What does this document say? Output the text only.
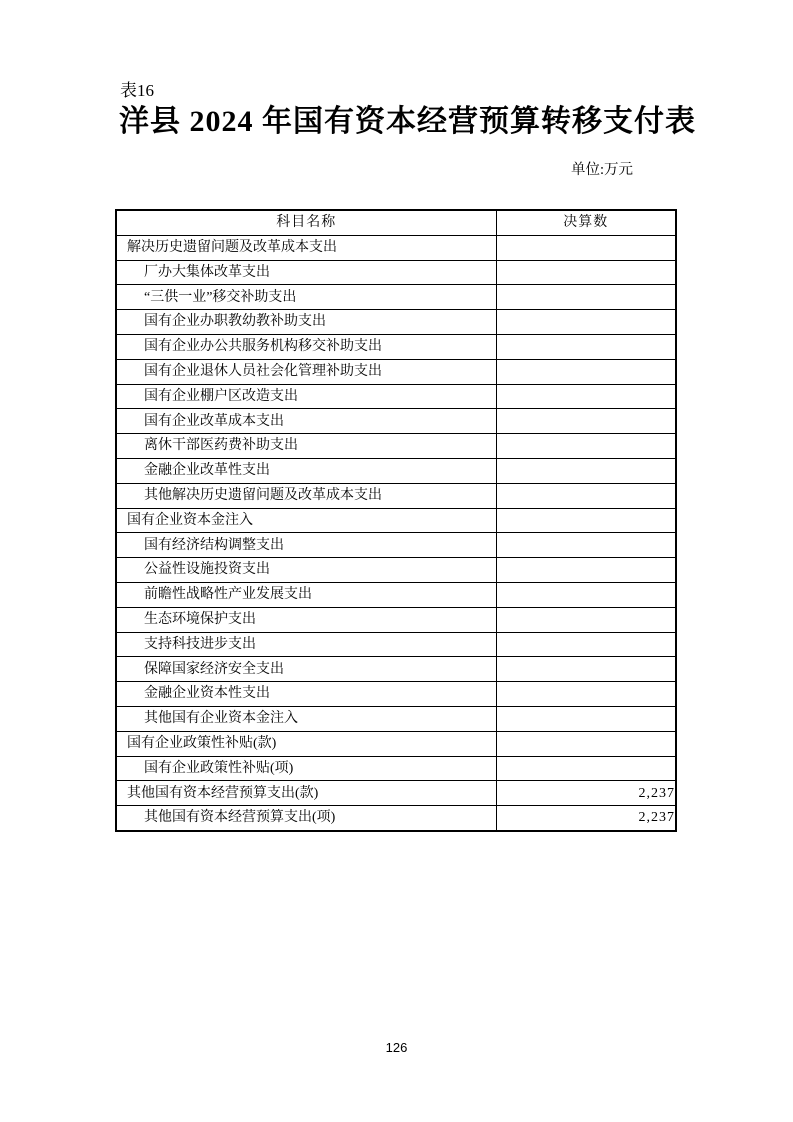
表16
洋县 2024 年国有资本经营预算转移支付表
单位:万元
科目名称	决算数
解决历史遗留问题及改革成本支出	
厂办大集体改革支出	
“三供一业”移交补助支出	
国有企业办职教幼教补助支出	
国有企业办公共服务机构移交补助支出	
国有企业退休人员社会化管理补助支出	
国有企业棚户区改造支出	
国有企业改革成本支出	
离休干部医药费补助支出	
金融企业改革性支出	
其他解决历史遗留问题及改革成本支出	
国有企业资本金注入	
国有经济结构调整支出	
公益性设施投资支出	
前瞻性战略性产业发展支出	
生态环境保护支出	
支持科技进步支出	
保障国家经济安全支出	
金融企业资本性支出	
其他国有企业资本金注入	
国有企业政策性补贴(款)	
国有企业政策性补贴(项)	
其他国有资本经营预算支出(款)	2,237
其他国有资本经营预算支出(项)	2,237
126
